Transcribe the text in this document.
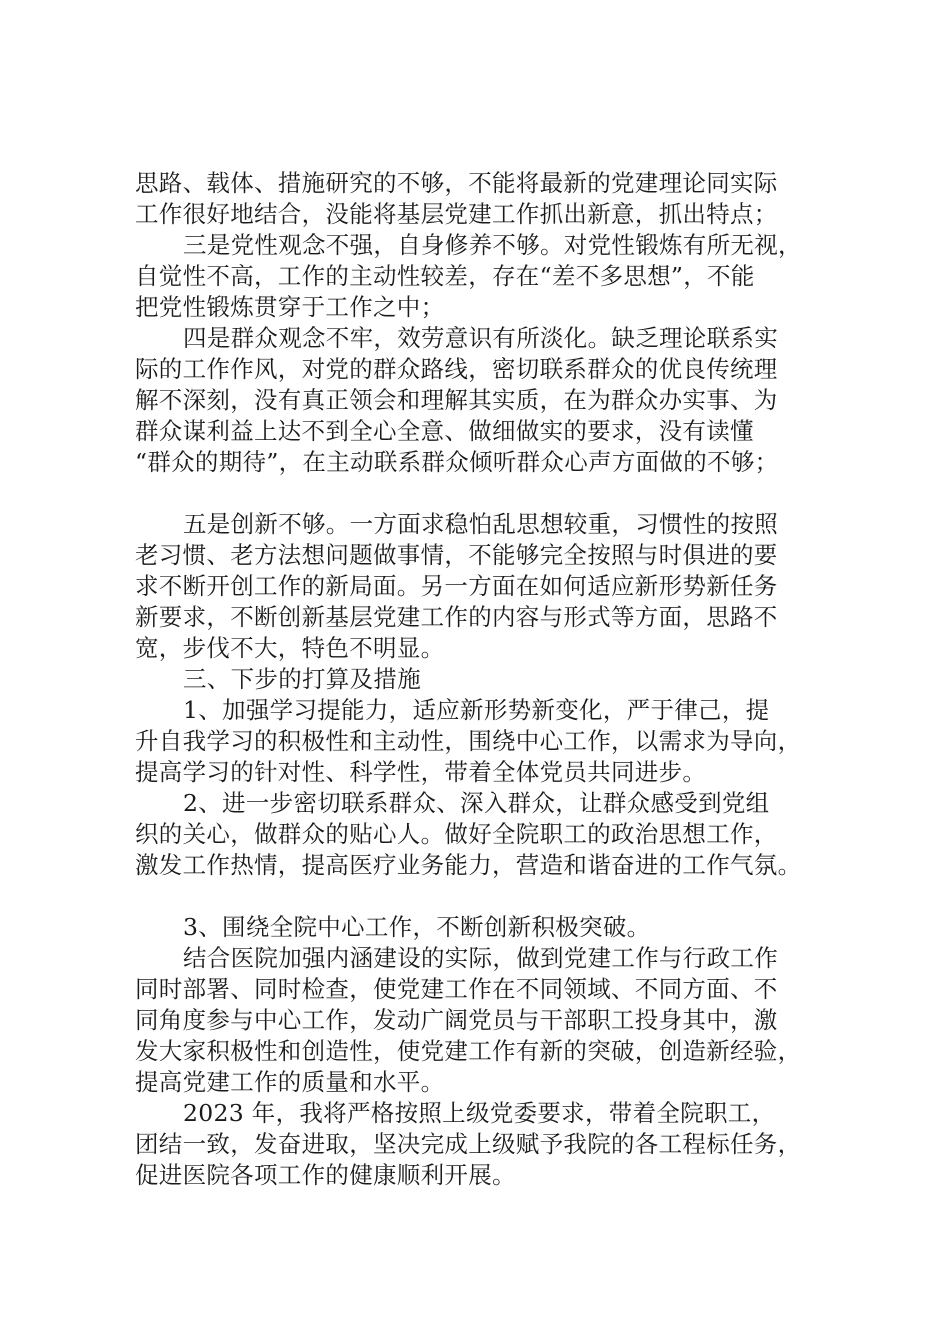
思路、载体、措施研究的不够，不能将最新的党建理论同实际
工作很好地结合，没能将基层党建工作抓出新意，抓出特点；
三是党性观念不强，自身修养不够。对党性锻炼有所无视，
自觉性不高，工作的主动性较差，存在“差不多思想”，不能
把党性锻炼贯穿于工作之中；
四是群众观念不牢，效劳意识有所淡化。缺乏理论联系实
际的工作作风，对党的群众路线，密切联系群众的优良传统理
解不深刻，没有真正领会和理解其实质，在为群众办实事、为
群众谋利益上达不到全心全意、做细做实的要求，没有读懂
“群众的期待”，在主动联系群众倾听群众心声方面做的不够；
五是创新不够。一方面求稳怕乱思想较重，习惯性的按照
老习惯、老方法想问题做事情，不能够完全按照与时俱进的要
求不断开创工作的新局面。另一方面在如何适应新形势新任务
新要求，不断创新基层党建工作的内容与形式等方面，思路不
宽，步伐不大，特色不明显。
三、下步的打算及措施
1、加强学习提能力，适应新形势新变化，严于律己，提
升自我学习的积极性和主动性，围绕中心工作，以需求为导向，
提高学习的针对性、科学性，带着全体党员共同进步。
2、进一步密切联系群众、深入群众，让群众感受到党组
织的关心，做群众的贴心人。做好全院职工的政治思想工作，
激发工作热情，提高医疗业务能力，营造和谐奋进的工作气氛。
3、围绕全院中心工作，不断创新积极突破。
结合医院加强内涵建设的实际，做到党建工作与行政工作
同时部署、同时检查，使党建工作在不同领域、不同方面、不
同角度参与中心工作，发动广阔党员与干部职工投身其中，激
发大家积极性和创造性，使党建工作有新的突破，创造新经验，
提高党建工作的质量和水平。
2023 年，我将严格按照上级党委要求，带着全院职工，
团结一致，发奋进取，坚决完成上级赋予我院的各工程标任务，
促进医院各项工作的健康顺利开展。
